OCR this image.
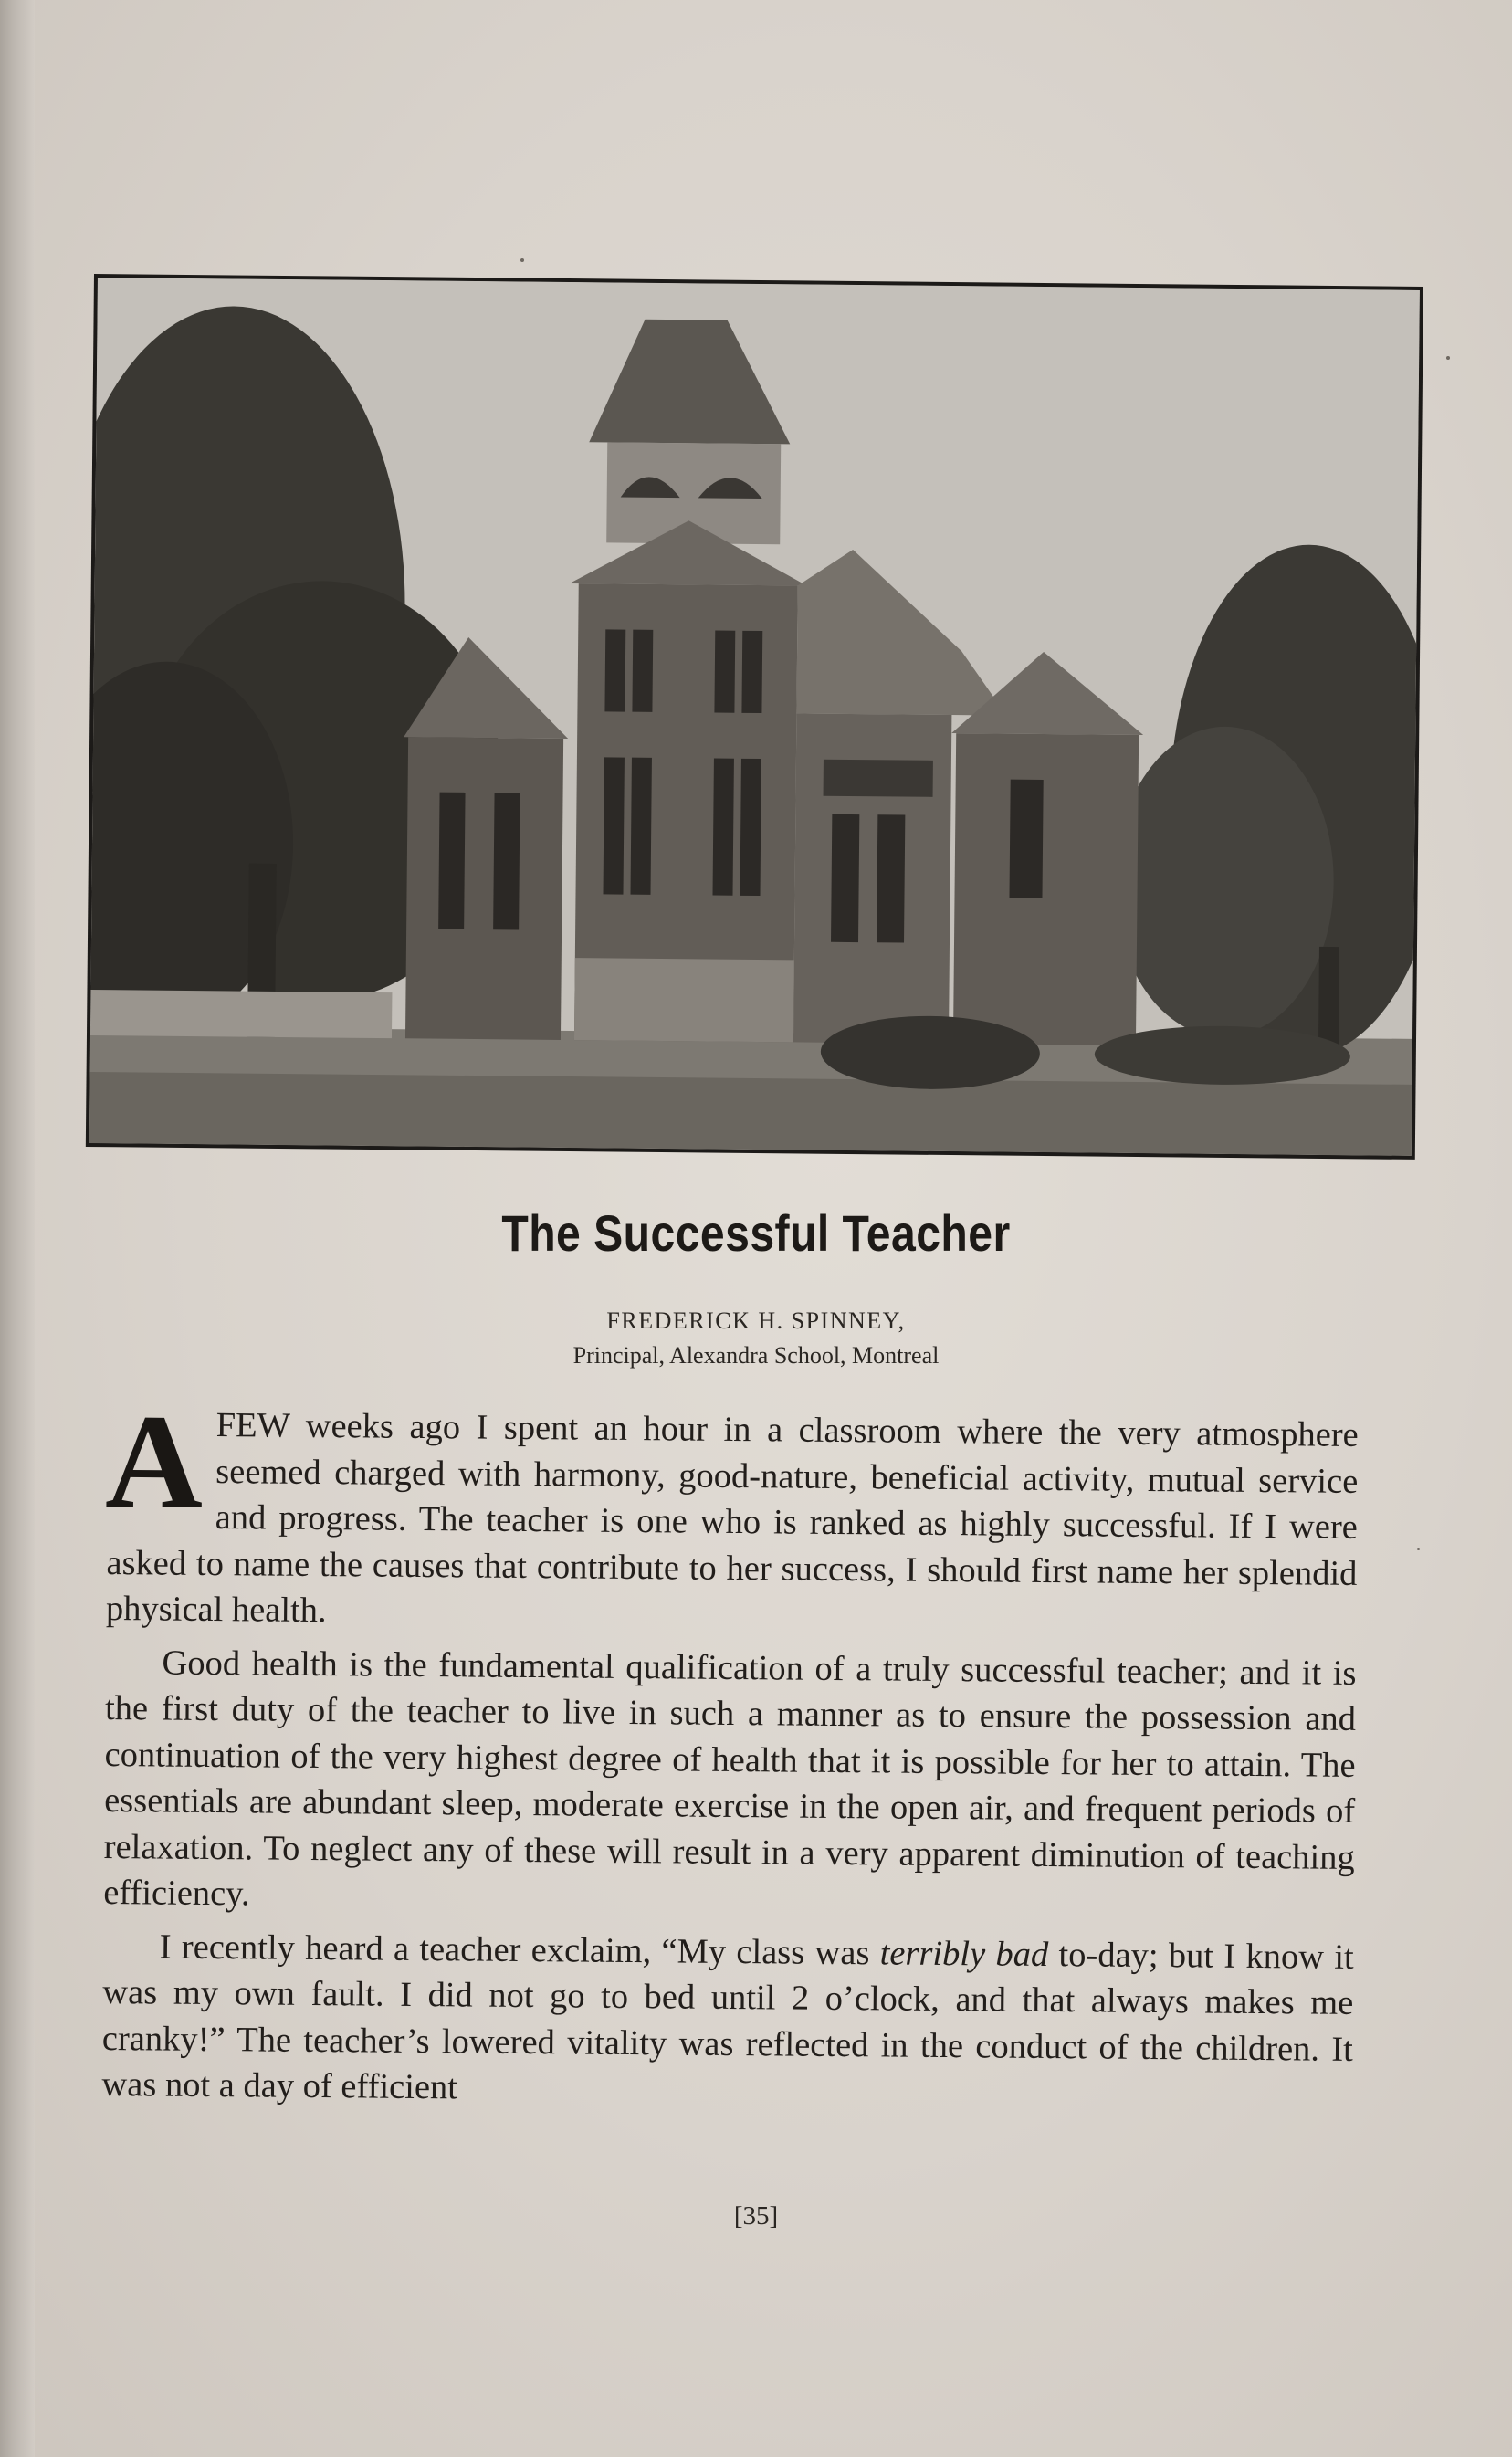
The Successful Teacher
FREDERICK H. SPINNEY,
Principal, Alexandra School, Montreal

AFEW weeks ago I spent an hour in a classroom where the very atmosphere seemed charged with harmony, good-nature, beneficial activity, mutual service and progress. The teacher is one who is ranked as highly successful. If I were asked to name the causes that contribute to her success, I should first name her splendid physical health.

Good health is the fundamental qualification of a truly successful teacher; and it is the first duty of the teacher to live in such a manner as to ensure the possession and continuation of the very highest degree of health that it is possible for her to attain. The essentials are abundant sleep, moderate exercise in the open air, and frequent periods of relaxation. To neglect any of these will result in a very apparent diminution of teaching efficiency.

I recently heard a teacher exclaim, “My class was terribly bad to-day; but I know it was my own fault. I did not go to bed until 2 o’clock, and that always makes me cranky!” The teacher’s lowered vitality was reflected in the conduct of the children. It was not a day of efficient

[35]
